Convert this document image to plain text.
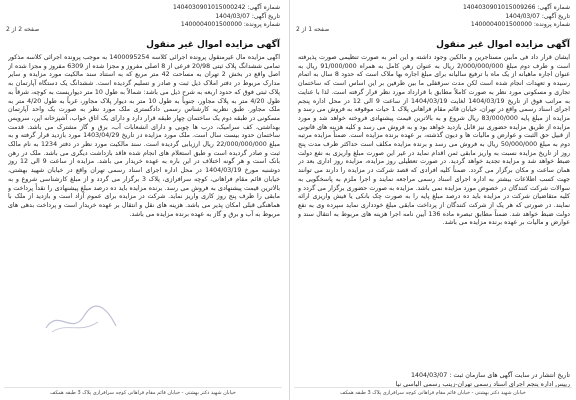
شماره آگهی: 1404030901015000242
تاریخ آگهی: 1404/03/07
شماره پرونده: 1400004001500000
صفحه 2 از 2
آگهی مزایده اموال غیر منقول

آگهی مزایده مال غیرمنقول پرونده اجرائی کلاسه 1400095254 به موجب پرونده اجرائی کلاسه مذکور تمامی ششدانگ پلاک ثبتی 20/98 فرعی از 8 اصلی مفروز و مجزا شده از 6309 مفروز و مجزا شده از اصل واقع در بخش 2 تهران به مساحت 42 متر مربع که به استناد سند مالکیت مورد مزایده و سایر مدارک مربوط در دفتر املاک ذیل ثبت و صادر و تسلیم گردیده است. ششدانگ یک دستگاه آپارتمان به پلاک ثبتی فوق که حدود اربعه به شرح ذیل می باشد: شمالاً به طول 10 متر دیواریست به کوچه، شرقاً به طول 4/20 متر به پلاک مجاور، جنوباً به طول 10 متر به دیوار پلاک مجاور، غرباً به طول 4/20 متر به ملک مجاور. طبق نظریه کارشناس رسمی دادگستری ملک مورد نظر به صورت یک واحد آپارتمان مسکونی در طبقه دوم یک ساختمان چهار طبقه قرار دارد و دارای یک اتاق خواب، آشپزخانه اپن، سرویس بهداشتی، کف سرامیک، درب ها چوبی و دارای انشعابات آب، برق و گاز مشترک می باشد. قدمت ساختمان حدود بیست سال است. ملک مورد مزایده در تاریخ 1403/04/29 مورد بازدید قرار گرفته و به مبلغ 22/000/000/000 ریال ارزیابی گردیده است. سند مالکیت مورد نظر در دفتر 1234 به نام مالک ثبت و صادر گردیده است و طبق استعلام های انجام شده فاقد بازداشت دیگری می باشد. ملک در رهن بانک است و هر گونه اختلاف در این باره به عهده خریدار می باشد. مزایده از ساعت 9 الی 12 روز دوشنبه مورخ 1404/03/19 در محل اداره اجرای اسناد رسمی تهران واقع در خیابان شهید بهشتی، خیابان قائم مقام فراهانی، کوچه سرافرازی، پلاک 3 برگزار می گردد و از مبلغ کارشناسی شروع و به بالاترین قیمت پیشنهادی به فروش می رسد. برنده مزایده باید ده درصد مبلغ پیشنهادی را نقداً پرداخت و مابقی را ظرف پنج روز کاری واریز نماید. شرکت در مزایده برای عموم آزاد است و بازدید از ملک با هماهنگی قبلی امکان پذیر می باشد. هزینه های نقل و انتقال بر عهده خریدار است و پرداخت بدهی های مربوط به آب و برق و گاز به عهده برنده مزایده می باشد.

خیابان شهید دکتر بهشتی - خیابان قائم مقام فراهانی کوچه سرافرازی پلاک 3 طبقه همکف
شماره آگهی: 1404030901015009266
تاریخ آگهی: 1404/03/07
شماره پرونده: 1400004001500000
صفحه 1 از 2
آگهی مزایده اموال غیر منقول

ایشان قرار داد فی مابین مستاجرین و مالکین وجود داشته و این امر به صورت تنظیمی صورت پذیرفته است و طرف دوم مبلغ 2/000/000/000 ریال به عنوان رهن کامل به همراه 91/000/000 ریال به عنوان اجاره ماهیانه از یک ماه با ترفیع سالیانه برای مبلغ اجاره بها ملاک است که حدود 8 سال به اتمام رسیده و تعهدات انجام شده است لکن مدت سرقفلی ما بین طرفین بر این اساس است که ساختمان تجاری و مسکونی مورد نظر به صورت کاملاً مطابق با قرارداد مورد نظر قرار گرفته است. لذا با عنایت به مراتب فوق از تاریخ 1404/03/19 لغایت 1404/03/19 از ساعت 9 الی 12 در محل اداره پنجم اجرای اسناد رسمی واقع در تهران، خیابان قائم مقام فراهانی پلاک 1 حیات موقوفه به فروش می رسد و مزایده از مبلغ پایه 83/000/000 ریال شروع و به بالاترین قیمت پیشنهادی فروخته خواهد شد و مورد مزایده از طریق مزایده حضوری نیز قابل بازدید خواهد بود و به فروش می رسد و کلیه هزینه های قانونی از قبیل حق الثبت و عوارض و مالیات ها و دیون گذشته، بر عهده برنده مزایده است. ضمناً مزایده مرتبه دوم به مبلغ 50/000/000 ریال به فروش می رسد و برنده مزایده مکلف است حداکثر ظرف مدت پنج روز از تاریخ مزایده نسبت به واریز مابقی ثمن اقدام نماید در غیر این صورت مبلغ واریزی به نفع دولت ضبط خواهد شد و مزایده تجدید خواهد گردید. در صورت تعطیلی روز مزایده، مزایده روز اداری بعد در همان ساعت و مکان برگزار می گردد. ضمناً کلیه افرادی که قصد شرکت در مزایده را دارند می توانند جهت کسب اطلاعات بیشتر به اداره اجرای اسناد رسمی مراجعه نمایند و اجرا ملزم به پاسخگویی به سوالات شرکت کنندگان در خصوص مورد مزایده نمی باشد. مزایده به صورت حضوری برگزار می گردد و کلیه متقاضیان شرکت در مزایده باید ده درصد مبلغ پایه را به صورت چک بانکی یا فیش واریزی ارائه نمایند. در صورتی که هر یک از شرکت کنندگان از پرداخت مابقی مبلغ خودداری نماید سپرده وی به نفع دولت ضبط خواهد شد. ضمناً مطابق تبصره ماده 136 آیین نامه اجرا هزینه های مربوط به انتقال سند و عوارض و مالیات بر عهده برنده مزایده می باشد.

تاریخ انتشار در سایت آگهی های سازمان ثبت : 1404/03/07
رییس اداره پنجم اجرای اسناد رسمی تهران-زینب رسمی الیاسی نیا
خیابان شهید دکتر بهشتی - خیابان قائم مقام فراهانی کوچه سرافرازی پلاک 3 طبقه همکف
